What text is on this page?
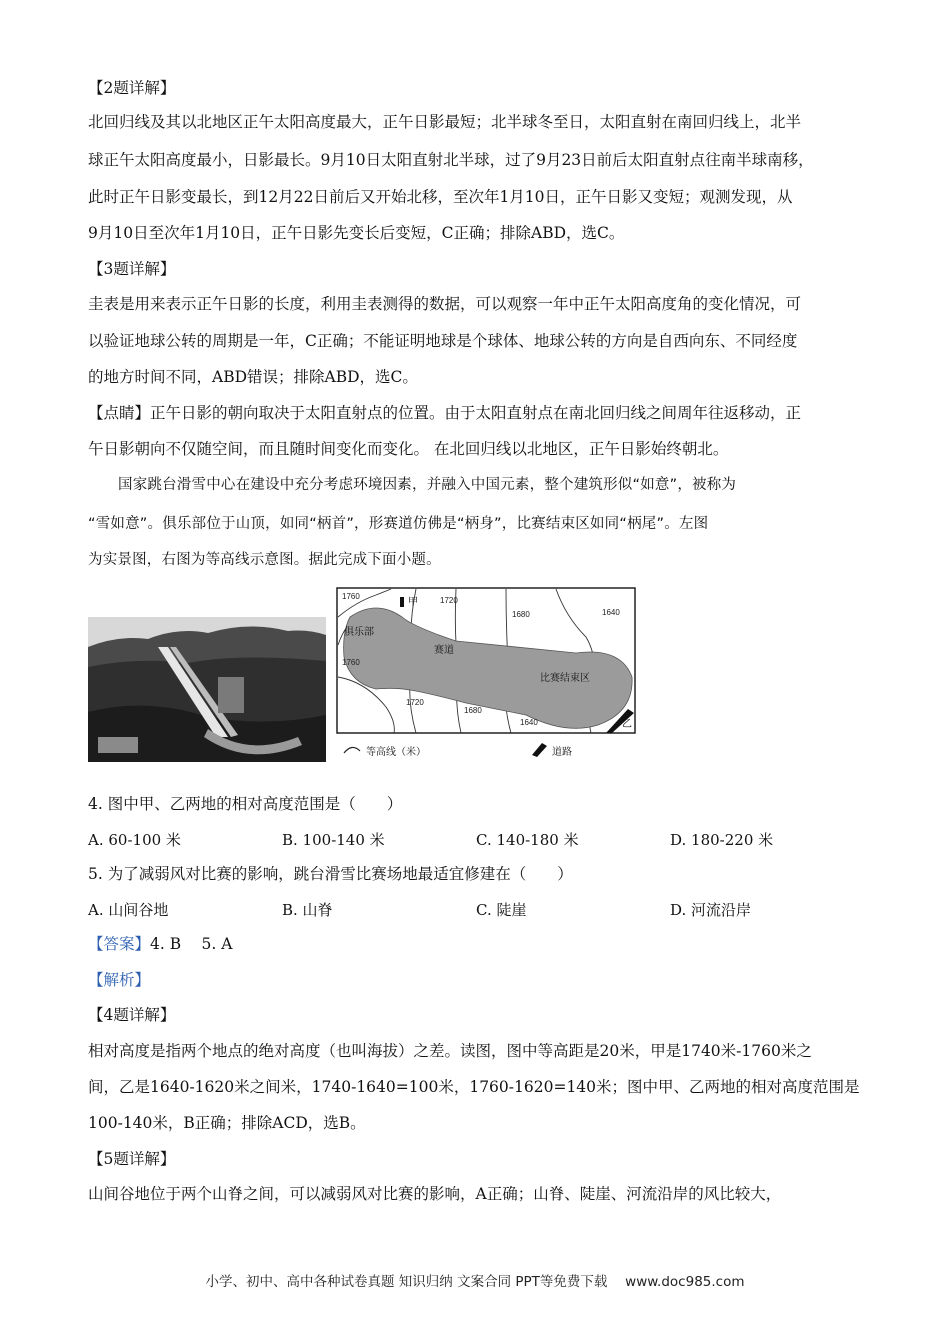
【2题详解】
北回归线及其以北地区正午太阳高度最大，正午日影最短；北半球冬至日，太阳直射在南回归线上，北半
球正午太阳高度最小，日影最长。9月10日太阳直射北半球，过了9月23日前后太阳直射点往南半球南移，
此时正午日影变最长，到12月22日前后又开始北移，至次年1月10日，正午日影又变短；观测发现，从
9月10日至次年1月10日，正午日影先变长后变短，C正确；排除ABD，选C。
【3题详解】
圭表是用来表示正午日影的长度，利用圭表测得的数据，可以观察一年中正午太阳高度角的变化情况，可
以验证地球公转的周期是一年，C正确；不能证明地球是个球体、地球公转的方向是自西向东、不同经度
的地方时间不同，ABD错误；排除ABD，选C。
【点睛】正午日影的朝向取决于太阳直射点的位置。由于太阳直射点在南北回归线之间周年往返移动，正
午日影朝向不仅随空间，而且随时间变化而变化。 在北回归线以北地区，正午日影始终朝北。
国家跳台滑雪中心在建设中充分考虑环境因素，并融入中国元素，整个建筑形似“如意”，被称为
“雪如意”。俱乐部位于山顶，如同“柄首”，形赛道仿佛是“柄身”，比赛结束区如同“柄尾”。左图
为实景图，右图为等高线示意图。据此完成下面小题。
1760	1720
1680	1640
1760
1720
1680
1640
甲
乙
俱乐部
赛道
比赛结束区
等高线（米）	道路
4. 图中甲、乙两地的相对高度范围是（　　）
A. 60-100 米	B. 100-140 米	C. 140-180 米	D. 180-220 米
5. 为了减弱风对比赛的影响，跳台滑雪比赛场地最适宜修建在（　　）
A. 山间谷地	B. 山脊	C. 陡崖	D. 河流沿岸
【答案】4. B　 5. A
【解析】
【4题详解】
相对高度是指两个地点的绝对高度（也叫海拔）之差。读图，图中等高距是20米，甲是1740米-1760米之
间，乙是1640-1620米之间米，1740-1640=100米，1760-1620=140米；图中甲、乙两地的相对高度范围是
100-140米，B正确；排除ACD，选B。
【5题详解】
山间谷地位于两个山脊之间，可以减弱风对比赛的影响，A正确；山脊、陡崖、河流沿岸的风比较大，
小学、初中、高中各种试卷真题 知识归纳 文案合同 PPT等免费下载　 www.doc985.com
